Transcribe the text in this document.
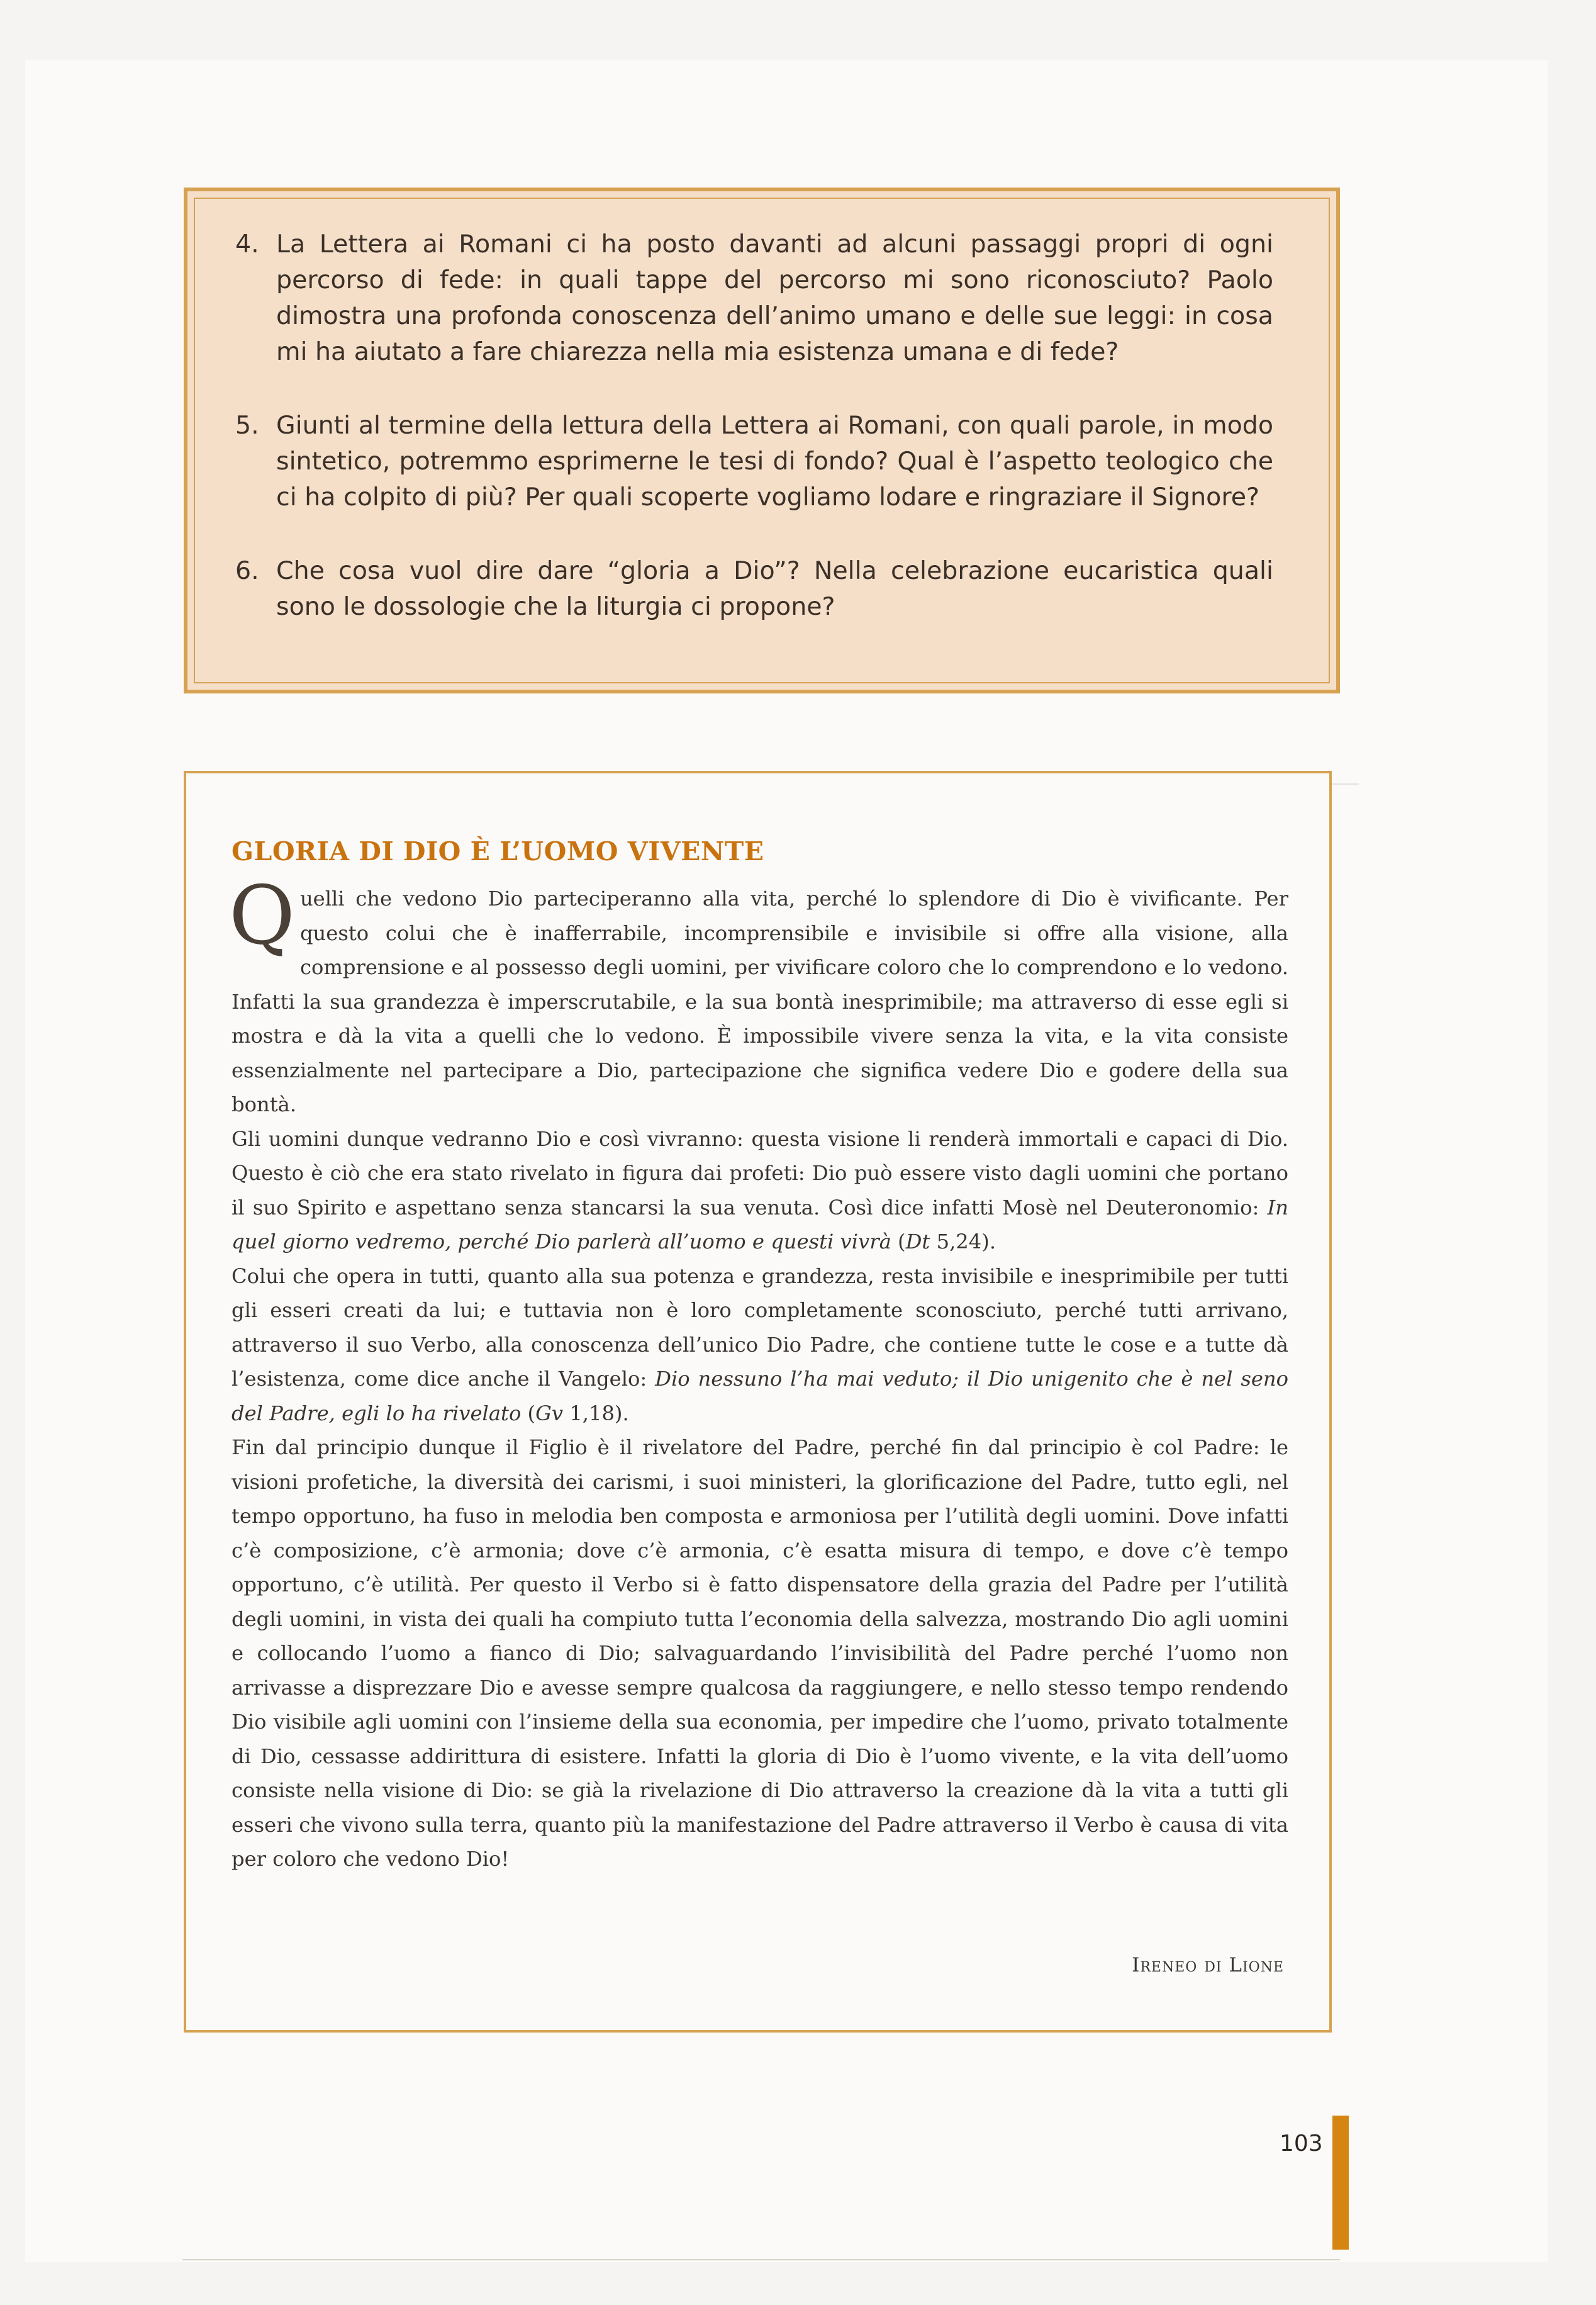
4. La Lettera ai Romani ci ha posto davanti ad alcuni passaggi propri di ogni percorso di fede: in quali tappe del percorso mi sono riconosciuto? Paolo dimostra una profonda conoscenza dell’animo umano e delle sue leggi: in cosa mi ha aiutato a fare chiarezza nella mia esistenza umana e di fede?
5. Giunti al termine della lettura della Lettera ai Romani, con quali parole, in modo sintetico, potremmo esprimerne le tesi di fondo? Qual è l’aspetto teologico che ci ha colpito di più? Per quali scoperte vogliamo lodare e ringraziare il Signore?
6. Che cosa vuol dire dare “gloria a Dio”? Nella celebrazione eucaristica quali sono le dossologie che la liturgia ci propone?
GLORIA DI DIO È L’UOMO VIVENTE

Quelli che vedono Dio parteciperanno alla vita, perché lo splendore di Dio è vivificante. Per questo colui che è inafferrabile, incomprensibile e invisibile si offre alla visione, alla comprensione e al possesso degli uomini, per vivificare coloro che lo comprendono e lo vedono. Infatti la sua grandezza è imperscrutabile, e la sua bontà inesprimibile; ma attraverso di esse egli si mostra e dà la vita a quelli che lo vedono. È impossibile vivere senza la vita, e la vita consiste essenzialmente nel partecipare a Dio, partecipazione che significa vedere Dio e godere della sua bontà.

Gli uomini dunque vedranno Dio e così vivranno: questa visione li renderà immortali e capaci di Dio. Questo è ciò che era stato rivelato in figura dai profeti: Dio può essere visto dagli uomini che portano il suo Spirito e aspettano senza stancarsi la sua venuta. Così dice infatti Mosè nel Deuteronomio: In quel giorno vedremo, perché Dio parlerà all’uomo e questi vivrà (Dt 5,24).

Colui che opera in tutti, quanto alla sua potenza e grandezza, resta invisibile e inesprimibile per tutti gli esseri creati da lui; e tuttavia non è loro completamente sconosciuto, perché tutti arrivano, attraverso il suo Verbo, alla conoscenza dell’unico Dio Padre, che contiene tutte le cose e a tutte dà l’esistenza, come dice anche il Vangelo: Dio nessuno l’ha mai veduto; il Dio unigenito che è nel seno del Padre, egli lo ha rivelato (Gv 1,18).

Fin dal principio dunque il Figlio è il rivelatore del Padre, perché fin dal principio è col Padre: le visioni profetiche, la diversità dei carismi, i suoi ministeri, la glorificazione del Padre, tutto egli, nel tempo opportuno, ha fuso in melodia ben composta e armoniosa per l’utilità degli uomini. Dove infatti c’è composizione, c’è armonia; dove c’è armonia, c’è esatta misura di tempo, e dove c’è tempo opportuno, c’è utilità. Per questo il Verbo si è fatto dispensatore della grazia del Padre per l’utilità degli uomini, in vista dei quali ha compiuto tutta l’economia della salvezza, mostrando Dio agli uomini e collocando l’uomo a fianco di Dio; salvaguardando l’invisibilità del Padre perché l’uomo non arrivasse a disprezzare Dio e avesse sempre qualcosa da raggiungere, e nello stesso tempo rendendo Dio visibile agli uomini con l’insieme della sua economia, per impedire che l’uomo, privato totalmente di Dio, cessasse addirittura di esistere. Infatti la gloria di Dio è l’uomo vivente, e la vita dell’uomo consiste nella visione di Dio: se già la rivelazione di Dio attraverso la creazione dà la vita a tutti gli esseri che vivono sulla terra, quanto più la manifestazione del Padre attraverso il Verbo è causa di vita per coloro che vedono Dio!

Ireneo di Lione
103
